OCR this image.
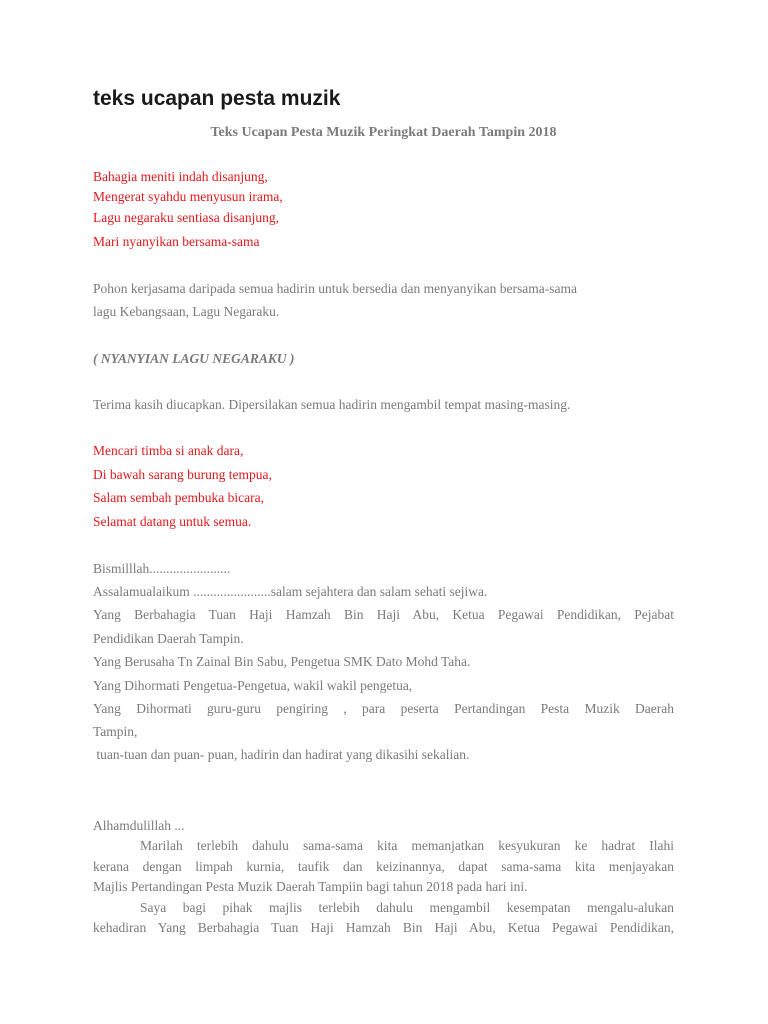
teks ucapan pesta muzik
Teks Ucapan Pesta Muzik Peringkat Daerah Tampin 2018
Bahagia meniti indah disanjung,
Mengerat syahdu menyusun irama,
Lagu negaraku sentiasa disanjung,
Mari nyanyikan bersama-sama
Pohon kerjasama daripada semua hadirin untuk bersedia dan menyanyikan bersama-sama
lagu Kebangsaan, Lagu Negaraku.
( NYANYIAN LAGU NEGARAKU )
Terima kasih diucapkan. Dipersilakan semua hadirin mengambil tempat masing-masing.
Mencari timba si anak dara,
Di bawah sarang burung tempua,
Salam sembah pembuka bicara,
Selamat datang untuk semua.
Bismilllah........................
Assalamualaikum .......................salam sejahtera dan salam sehati sejiwa.
Yang Berbahagia Tuan Haji Hamzah Bin Haji Abu, Ketua Pegawai Pendidikan, Pejabat
Pendidikan Daerah Tampin.
Yang Berusaha Tn Zainal Bin Sabu, Pengetua SMK Dato Mohd Taha.
Yang Dihormati Pengetua-Pengetua, wakil wakil pengetua,
Yang Dihormati guru-guru pengiring , para peserta Pertandingan Pesta Muzik Daerah
Tampin,
tuan-tuan dan puan- puan, hadirin dan hadirat yang dikasihi sekalian.
Alhamdulillah ...
Marilah terlebih dahulu sama-sama kita memanjatkan kesyukuran ke hadrat Ilahi
kerana dengan limpah kurnia, taufik dan keizinannya, dapat sama-sama kita menjayakan
Majlis Pertandingan Pesta Muzik Daerah Tampiin bagi tahun 2018 pada hari ini.
Saya bagi pihak majlis terlebih dahulu mengambil kesempatan mengalu-alukan
kehadiran Yang Berbahagia Tuan Haji Hamzah Bin Haji Abu, Ketua Pegawai Pendidikan,
